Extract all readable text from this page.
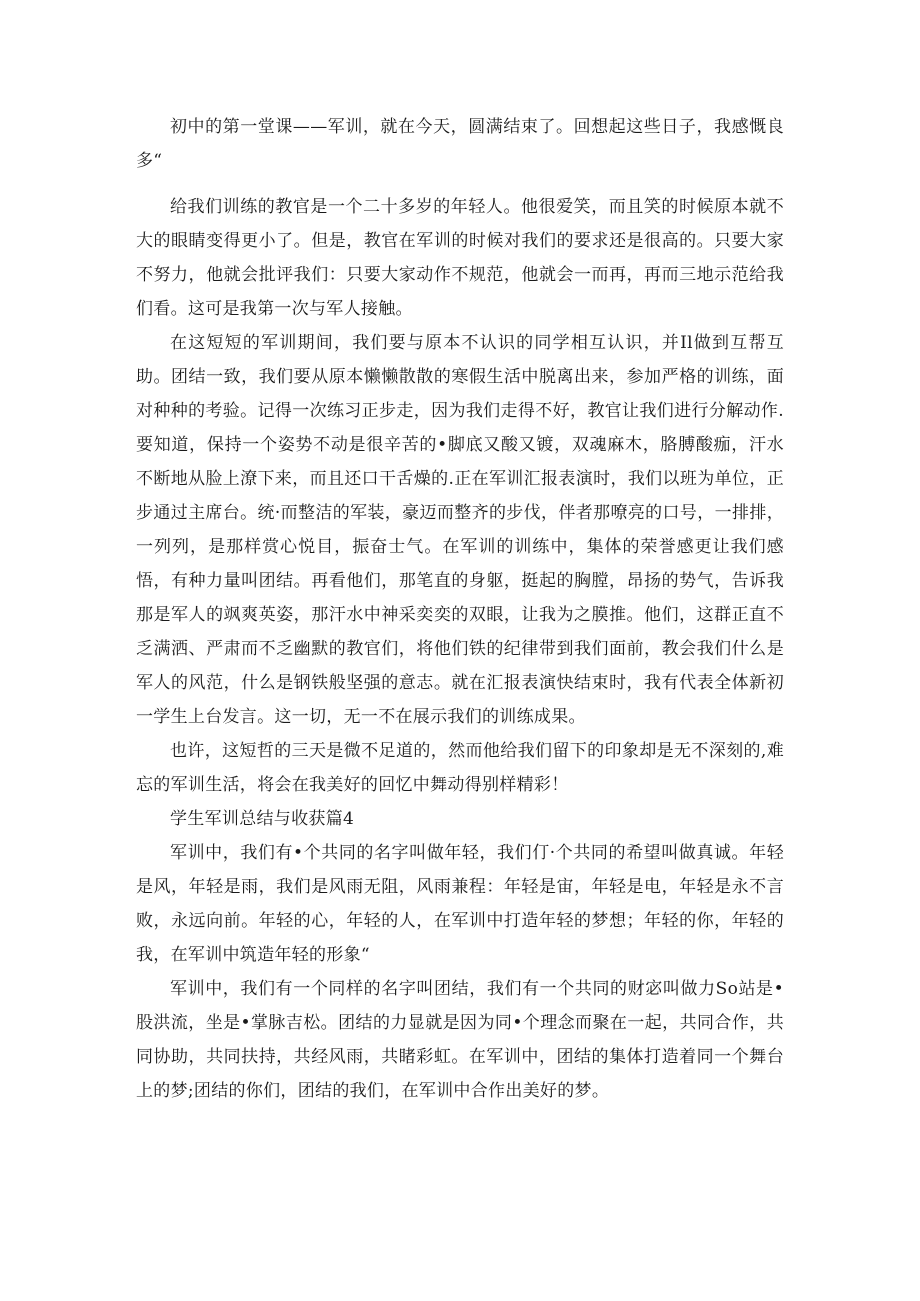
初中的第一堂课——军训，就在今天，圆满结束了。回想起这些日子，我感慨良多“

给我们训练的教官是一个二十多岁的年轻人。他很爱笑，而且笑的时候原本就不大的眼睛变得更小了。但是，教官在军训的时候对我们的要求还是很高的。只要大家不努力，他就会批评我们：只要大家动作不规范，他就会一而再，再而三地示范给我们看。这可是我第一次与军人接触。

在这短短的军训期间，我们要与原本不认识的同学相互认识，并Il做到互帮互助。团结一致，我们要从原本懒懒散散的寒假生活中脱离出来，参加严格的训练，面对种种的考验。记得一次练习正步走，因为我们走得不好，教官让我们进行分解动作.要知道，保持一个姿势不动是很辛苦的•脚底又酸又镀，双魂麻木，胳膊酸痂，汗水不断地从脸上潦下来，而且还口干舌燥的.正在军训汇报表演时，我们以班为单位，正步通过主席台。统·而整洁的军装，豪迈而整齐的步伐，伴者那嘹亮的口号，一排排，一列列，是那样赏心悦目，振奋士气。在军训的训练中，集体的荣誉感更让我们感悟，有种力量叫团结。再看他们，那笔直的身躯，挺起的胸膛，昂扬的势气，告诉我那是军人的飒爽英姿，那汗水中神采奕奕的双眼，让我为之膜推。他们，这群正直不乏满洒、严肃而不乏幽默的教官们，将他们铁的纪律带到我们面前，教会我们什么是军人的风范，什么是钢铁般坚强的意志。就在汇报表演快结束时，我有代表全体新初一学生上台发言。这一切，无一不在展示我们的训练成果。

也许，这短哲的三天是微不足道的，然而他给我们留下的印象却是无不深刻的,难忘的军训生活，将会在我美好的回忆中舞动得别样精彩！

学生军训总结与收获篇4

军训中，我们有•个共同的名字叫做年轻，我们仃·个共同的希望叫做真诚。年轻是风，年轻是雨，我们是风雨无阻，风雨兼程：年轻是宙，年轻是电，年轻是永不言败，永远向前。年轻的心，年轻的人，在军训中打造年轻的梦想；年轻的你，年轻的我，在军训中筑造年轻的形象“

军训中，我们有一个同样的名字叫团结，我们有一个共同的财宓叫做力So站是•股洪流，坐是•掌脉吉松。团结的力显就是因为同•个理念而聚在一起，共同合作，共同协助，共同扶持，共经风雨，共睹彩虹。在军训中，团结的集体打造着同一个舞台上的梦;团结的你们，团结的我们，在军训中合作出美好的梦。
